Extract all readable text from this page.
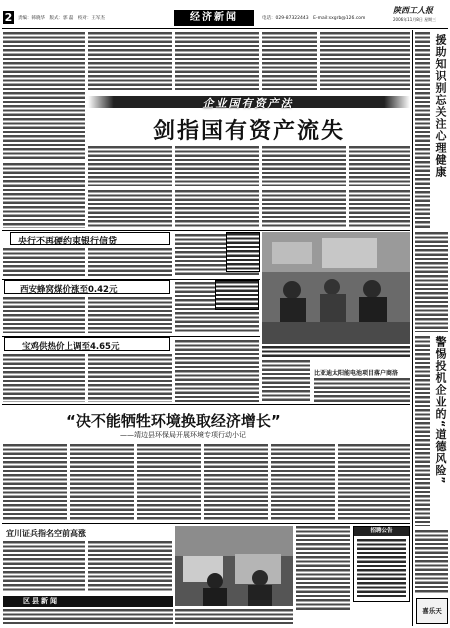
2	责编：韩晓华　版式：郭 磊　校对：王军杰	经济新闻	电话：029-87322443　E-mail:sxgrb@126.com
陕西工人报
2006年11月8日 星期三
企业国有资产法
剑指国有资产流失
央行不再硬约束银行信贷
西安蜂窝煤价涨至0.42元
宝鸡供热价上调至4.65元
比亚迪太阳能电池项目落户商洛
“决不能牺牲环境换取经济增长”
——靖边县环保局开展环境专项行动小记
宜川证兵指名空前高涨	招聘公告
区县新闻
援助知识别忘关注心理健康
警惕投机企业的“道德风险”
喜乐天
